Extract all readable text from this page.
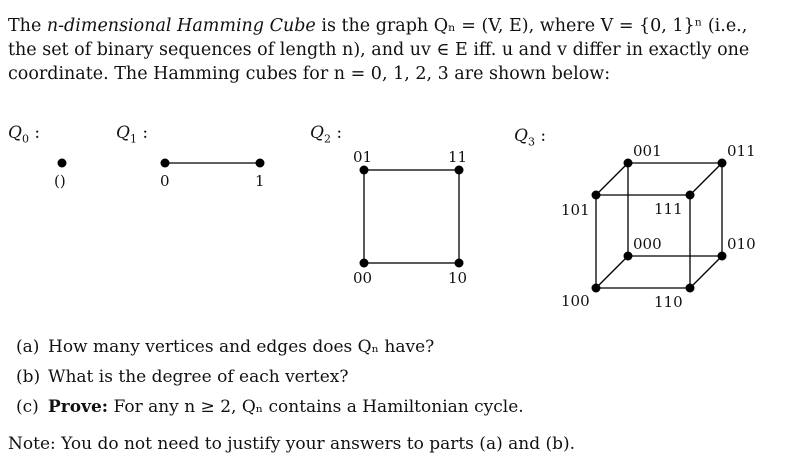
The n-dimensional Hamming Cube is the graph Qₙ = (V, E), where V = {0, 1}ⁿ (i.e.,

the set of binary sequences of length n), and uv ∈ E iff. u and v differ in exactly one

coordinate. The Hamming cubes for n = 0, 1, 2, 3 are shown below:

$Q_0$ :	$Q_1$ :	$Q_2$ :	$Q_3$ :
()	0	1
01	11
00	10
001	011
101	111
000	010
100	110
(a) How many vertices and edges does Qₙ have?
(b) What is the degree of each vertex?
(c) Prove: For any n ≥ 2, Qₙ contains a Hamiltonian cycle.

Note: You do not need to justify your answers to parts (a) and (b).
